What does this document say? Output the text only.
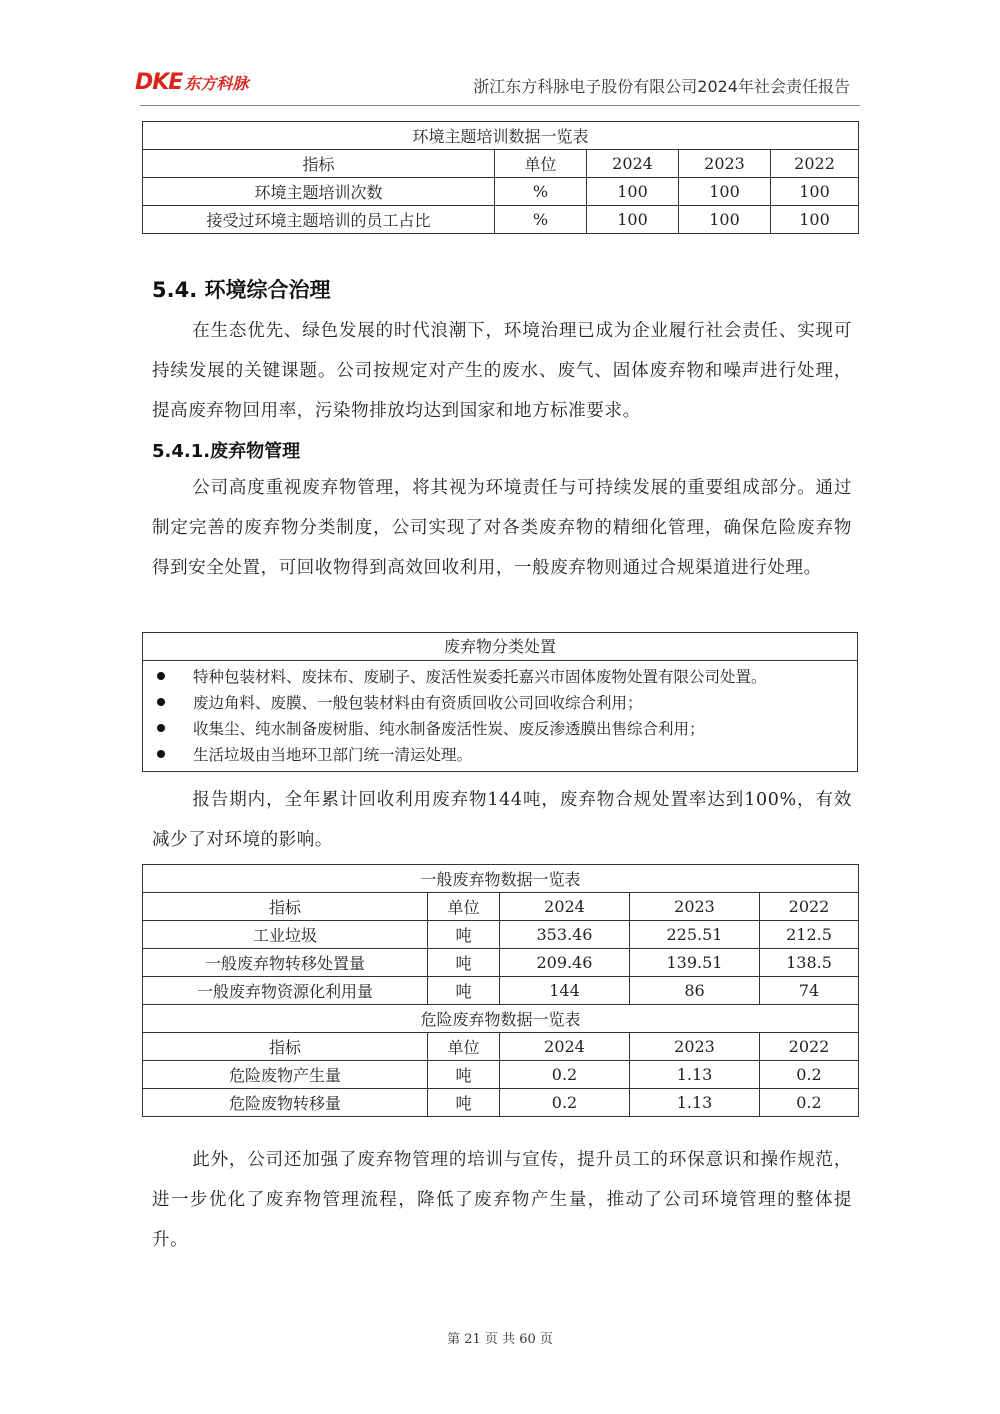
DKE 东方科脉	浙江东方科脉电子股份有限公司2024年社会责任报告
环境主题培训数据一览表				
指标	单位	2024	2023	2022
环境主题培训次数	%	100	100	100
接受过环境主题培训的员工占比	%	100	100	100
5.4. 环境综合治理
在生态优先、绿色发展的时代浪潮下，环境治理已成为企业履行社会责任、实现可持续发展的关键课题。公司按规定对产生的废水、废气、固体废弃物和噪声进行处理，提高废弃物回用率，污染物排放均达到国家和地方标准要求。
5.4.1.废弃物管理
公司高度重视废弃物管理，将其视为环境责任与可持续发展的重要组成部分。通过制定完善的废弃物分类制度，公司实现了对各类废弃物的精细化管理，确保危险废弃物得到安全处置，可回收物得到高效回收利用，一般废弃物则通过合规渠道进行处理。
废弃物分类处置
特种包装材料、废抹布、废刷子、废活性炭委托嘉兴市固体废物处置有限公司处置。
废边角料、废膜、一般包装材料由有资质回收公司回收综合利用；
收集尘、纯水制备废树脂、纯水制备废活性炭、废反渗透膜出售综合利用；
生活垃圾由当地环卫部门统一清运处理。
报告期内，全年累计回收利用废弃物144吨，废弃物合规处置率达到100%，有效减少了对环境的影响。
一般废弃物数据一览表				
指标	单位	2024	2023	2022
工业垃圾	吨	353.46	225.51	212.5
一般废弃物转移处置量	吨	209.46	139.51	138.5
一般废弃物资源化利用量	吨	144	86	74
危险废弃物数据一览表				
指标	单位	2024	2023	2022
危险废物产生量	吨	0.2	1.13	0.2
危险废物转移量	吨	0.2	1.13	0.2
此外，公司还加强了废弃物管理的培训与宣传，提升员工的环保意识和操作规范，进一步优化了废弃物管理流程，降低了废弃物产生量，推动了公司环境管理的整体提升。
第 21 页 共 60 页
